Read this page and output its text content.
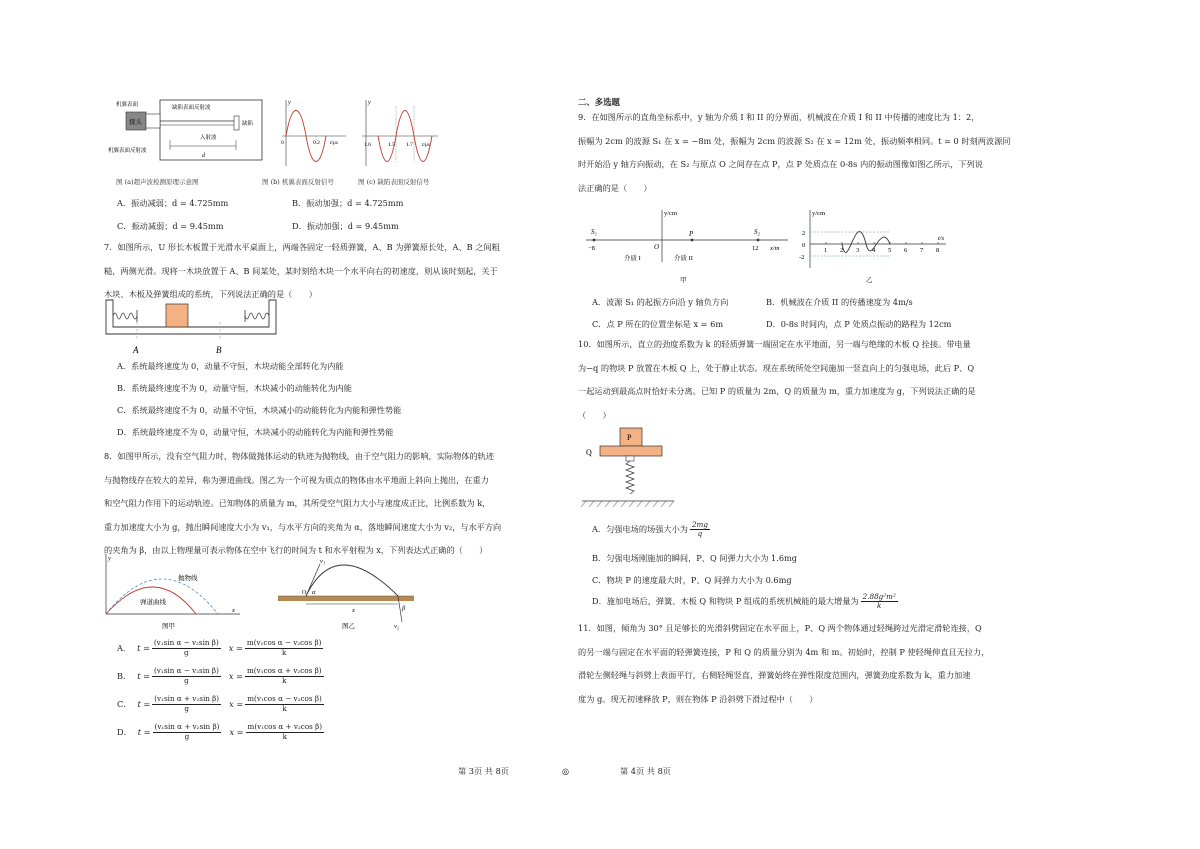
d
探头
机翼表面	缺陷表面反射波
入射波
缺陷
机翼表面反射波
y
0	0.2 t/μs
y
1.6	1.5 1.7 t/μs
图 (a)超声波检测原理示意图	图 (b) 机翼表面反射信号	图 (c) 缺陷表面反射信号
A．振动减弱；d = 4.725mm	B．振动加强；d = 4.725mm
C．振动减弱；d = 9.45mm	D．振动加强；d = 9.45mm
7．如图所示，U 形长木板置于光滑水平桌面上，两端各固定一轻质弹簧，A、B 为弹簧原长处，A、B 之间粗
糙，两侧光滑。现将一木块放置于 A、B 间某处，某时刻给木块一个水平向右的初速度，则从该时刻起，关于
木块、木板及弹簧组成的系统，下列说法正确的是（　　）
A	B
A．系统最终速度为 0，动量不守恒，木块动能全部转化为内能
B．系统最终速度不为 0，动量守恒，木块减小的动能转化为内能
C．系统最终速度不为 0，动量不守恒，木块减小的动能转化为内能和弹性势能
D．系统最终速度不为 0，动量守恒，木块减小的动能转化为内能和弹性势能
8．如图甲所示，没有空气阻力时，物体做抛体运动的轨迹为抛物线，由于空气阻力的影响，实际物体的轨迹
与抛物线存在较大的差异，称为弹道曲线。图乙为一个可视为质点的物体由水平地面上斜向上抛出，在重力
和空气阻力作用下的运动轨迹。已知物体的质量为 m，其所受空气阻力大小与速度成正比，比例系数为 k，
重力加速度大小为 g，抛出瞬间速度大小为 v₁，与水平方向的夹角为 α，落地瞬间速度大小为 v₂，与水平方向
的夹角为 β，由以上物理量可表示物体在空中飞行的时间为 t 和水平射程为 x，下列表达式正确的（　　）
y
x
抛物线
弹道曲线
图甲
v₁
v₂
α
β
x
O
图乙
A． $t = \frac{\text{(v₁sin α − v₂sin β)}}{g}$ $x = \frac{\text{m(v₁cos α − v₂cos β)}}{k}$
B． $t = \frac{\text{(v₁sin α − v₂sin β)}}{g}$ $x = \frac{\text{m(v₁cos α + v₂cos β)}}{k}$
C． $t = \frac{\text{(v₁sin α + v₂sin β)}}{g}$ $x = \frac{\text{m(v₁cos α − v₂cos β)}}{k}$
D． $t = \frac{\text{(v₁sin α + v₂sin β)}}{g}$ $x = \frac{\text{m(v₁cos α + v₂cos β)}}{k}$
二、多选题
9．在如图所示的直角坐标系中，y 轴为介质 I 和 II 的分界面，机械波在介质 I 和 II 中传播的速度比为 1：2，
振幅为 2cm 的波源 S₁ 在 x = −8m 处，振幅为 2cm 的波源 S₂ 在 x = 12m 处，振动频率相同。t = 0 时刻两波源同
时开始沿 y 轴方向振动，在 S₂ 与原点 O 之间存在点 P，点 P 处质点在 0-8s 内的振动图像如图乙所示，下列说
法正确的是（　　）
y/cm
S₁	S₂
P
O
−8	12 x/m
介质 I	介质 II
甲
y/cm
2
0
-2
t/s
乙
1 2 3 4 5 6 7 8
A．波源 S₁ 的起振方向沿 y 轴负方向	B．机械波在介质 II 的传播速度为 4m/s
C．点 P 所在的位置坐标是 x = 6m	D．0-8s 时间内，点 P 处质点振动的路程为 12cm
10．如图所示，直立的劲度系数为 k 的轻质弹簧一端固定在水平地面，另一端与绝缘的木板 Q 拴接。带电量
为−q 的物块 P 放置在木板 Q 上，处于静止状态。现在系统所处空间施加一竖直向上的匀强电场，此后 P、Q
一起运动到最高点时恰好未分离。已知 P 的质量为 2m，Q 的质量为 m，重力加速度为 g，下列说法正确的是
（　　）
P
Q
A．匀强电场的场强大小为 $\frac{2mg}{q}$
B．匀强电场刚施加的瞬间，P、Q 间弹力大小为 1.6mg
C．物块 P 的速度最大时，P、Q 间弹力大小为 0.6mg
D．施加电场后，弹簧、木板 Q 和物块 P 组成的系统机械能的最大增量为 $\frac{\text{2.88g²m²}}{k}$
11．如图，倾角为 30° 且足够长的光滑斜劈固定在水平面上，P、Q 两个物体通过轻绳跨过光滑定滑轮连接，Q
的另一端与固定在水平面的轻弹簧连接，P 和 Q 的质量分别为 4m 和 m。初始时，控制 P 使轻绳伸直且无拉力，
滑轮左侧轻绳与斜劈上表面平行，右侧轻绳竖直，弹簧始终在弹性限度范围内，弹簧劲度系数为 k，重力加速
度为 g。现无初速释放 P，则在物体 P 沿斜劈下滑过程中（　　）
第 3页 共 8页	◎	第 4页 共 8页
